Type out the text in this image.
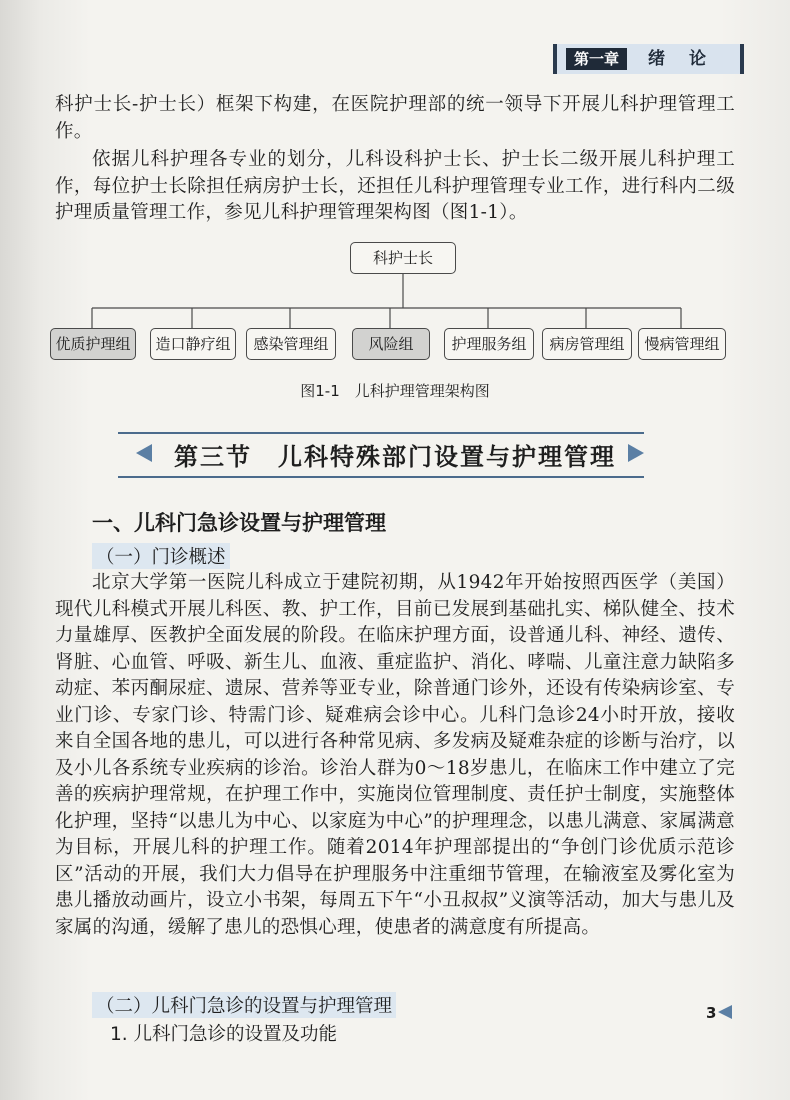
第一章	绪论
科护士长-护士长）框架下构建，在医院护理部的统一领导下开展儿科护理管理工作。
依据儿科护理各专业的划分，儿科设科护士长、护士长二级开展儿科护理工作，每位护士长除担任病房护士长，还担任儿科护理管理专业工作，进行科内二级护理质量管理工作，参见儿科护理管理架构图（图1-1）。
科护士长
优质护理组	造口静疗组	感染管理组	风险组	护理服务组	病房管理组	慢病管理组
图1-1　儿科护理管理架构图
第三节　儿科特殊部门设置与护理管理
一、儿科门急诊设置与护理管理
（一）门诊概述
北京大学第一医院儿科成立于建院初期，从1942年开始按照西医学（美国）现代儿科模式开展儿科医、教、护工作，目前已发展到基础扎实、梯队健全、技术力量雄厚、医教护全面发展的阶段。在临床护理方面，设普通儿科、神经、遗传、肾脏、心血管、呼吸、新生儿、血液、重症监护、消化、哮喘、儿童注意力缺陷多动症、苯丙酮尿症、遗尿、营养等亚专业，除普通门诊外，还设有传染病诊室、专业门诊、专家门诊、特需门诊、疑难病会诊中心。儿科门急诊24小时开放，接收来自全国各地的患儿，可以进行各种常见病、多发病及疑难杂症的诊断与治疗，以及小儿各系统专业疾病的诊治。诊治人群为0～18岁患儿，在临床工作中建立了完善的疾病护理常规，在护理工作中，实施岗位管理制度、责任护士制度，实施整体化护理，坚持“以患儿为中心、以家庭为中心”的护理理念，以患儿满意、家属满意为目标，开展儿科的护理工作。随着2014年护理部提出的“争创门诊优质示范诊区”活动的开展，我们大力倡导在护理服务中注重细节管理，在输液室及雾化室为患儿播放动画片，设立小书架，每周五下午“小丑叔叔”义演等活动，加大与患儿及家属的沟通，缓解了患儿的恐惧心理，使患者的满意度有所提高。
（二）儿科门急诊的设置与护理管理
1. 儿科门急诊的设置及功能
3
